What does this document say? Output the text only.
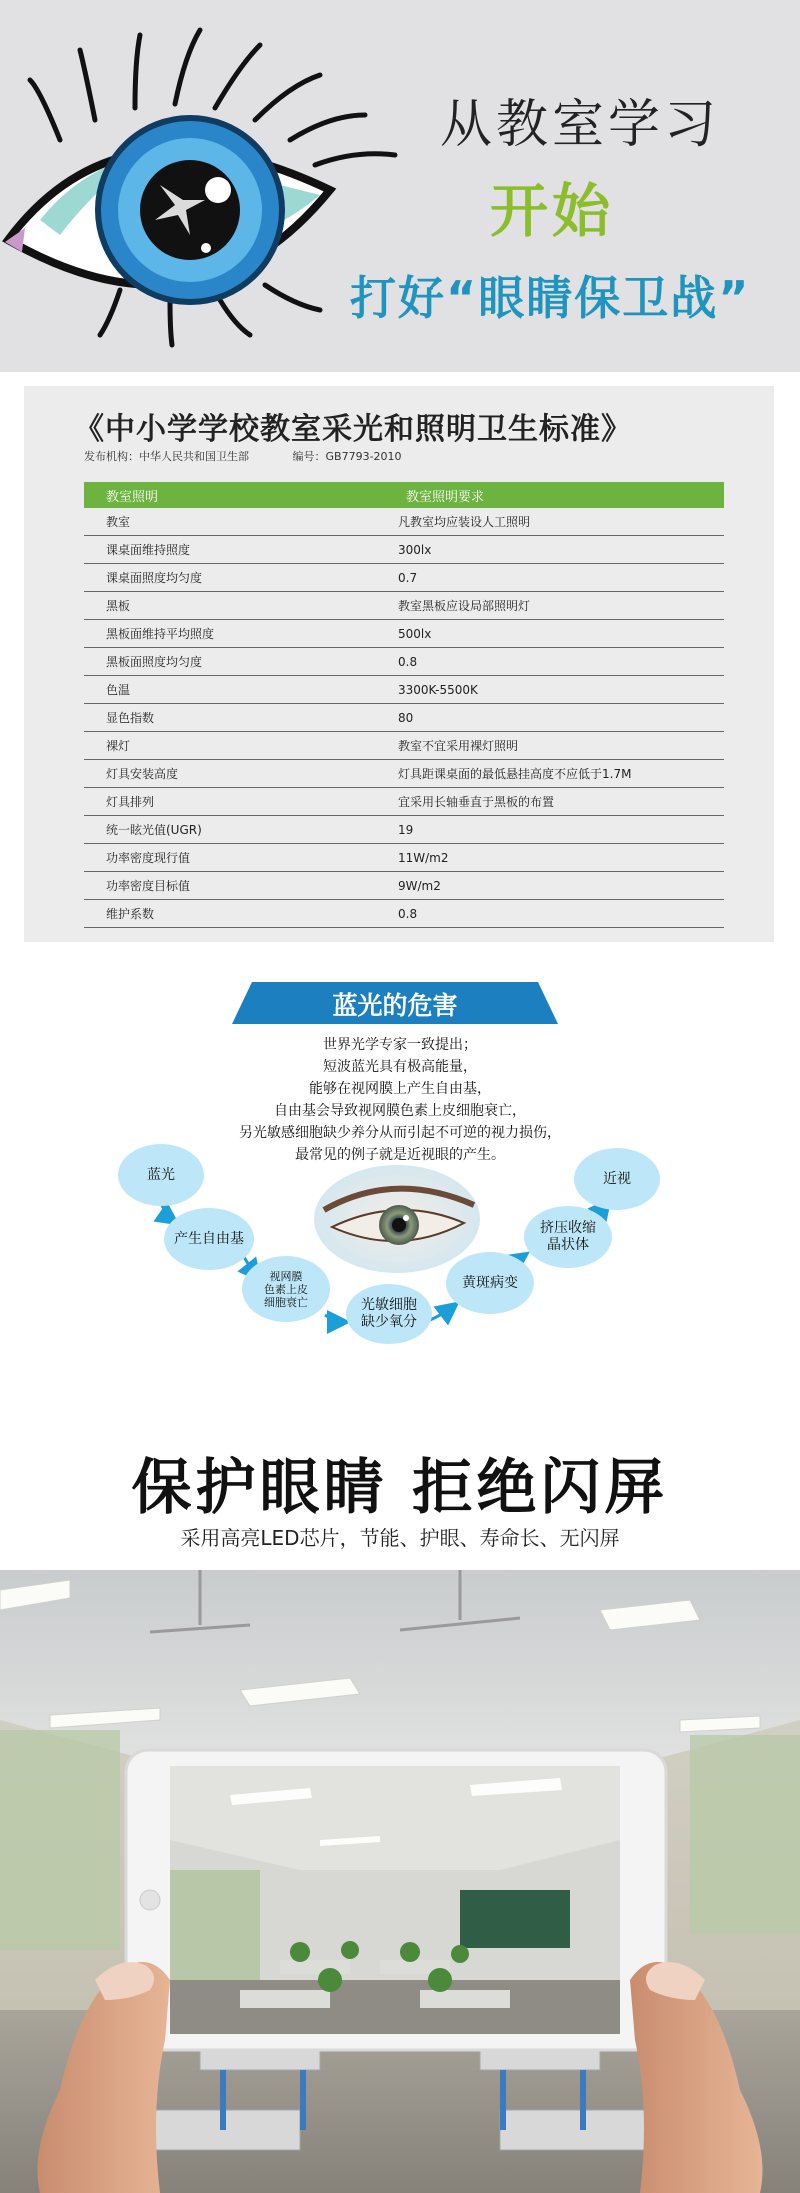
从教室学习
开始
打好“眼睛保卫战”
《中小学学校教室采光和照明卫生标准》
发布机构：中华人民共和国卫生部	编号：GB7793-2010
教室照明	教室照明要求
教室	凡教室均应装设人工照明
课桌面维持照度	300lx
课桌面照度均匀度	0.7
黑板	教室黑板应设局部照明灯
黑板面维持平均照度	500lx
黑板面照度均匀度	0.8
色温	3300K-5500K
显色指数	80
裸灯	教室不宜采用裸灯照明
灯具安装高度	灯具距课桌面的最低悬挂高度不应低于1.7M
灯具排列	宜采用长轴垂直于黑板的布置
统一眩光值(UGR)	19
功率密度现行值	11W/m2
功率密度目标值	9W/m2
维护系数	0.8
蓝光的危害
世界光学专家一致提出；
短波蓝光具有极高能量，
能够在视网膜上产生自由基，
自由基会导致视网膜色素上皮细胞衰亡，
另光敏感细胞缺少养分从而引起不可逆的视力损伤，
最常见的例子就是近视眼的产生。
蓝光
产生自由基
视网膜
色素上皮
细胞衰亡	光敏细胞
缺少氧分
黄斑病变
挤压收缩
晶状体
近视
保护眼睛 拒绝闪屏
采用高亮LED芯片，节能、护眼、寿命长、无闪屏
